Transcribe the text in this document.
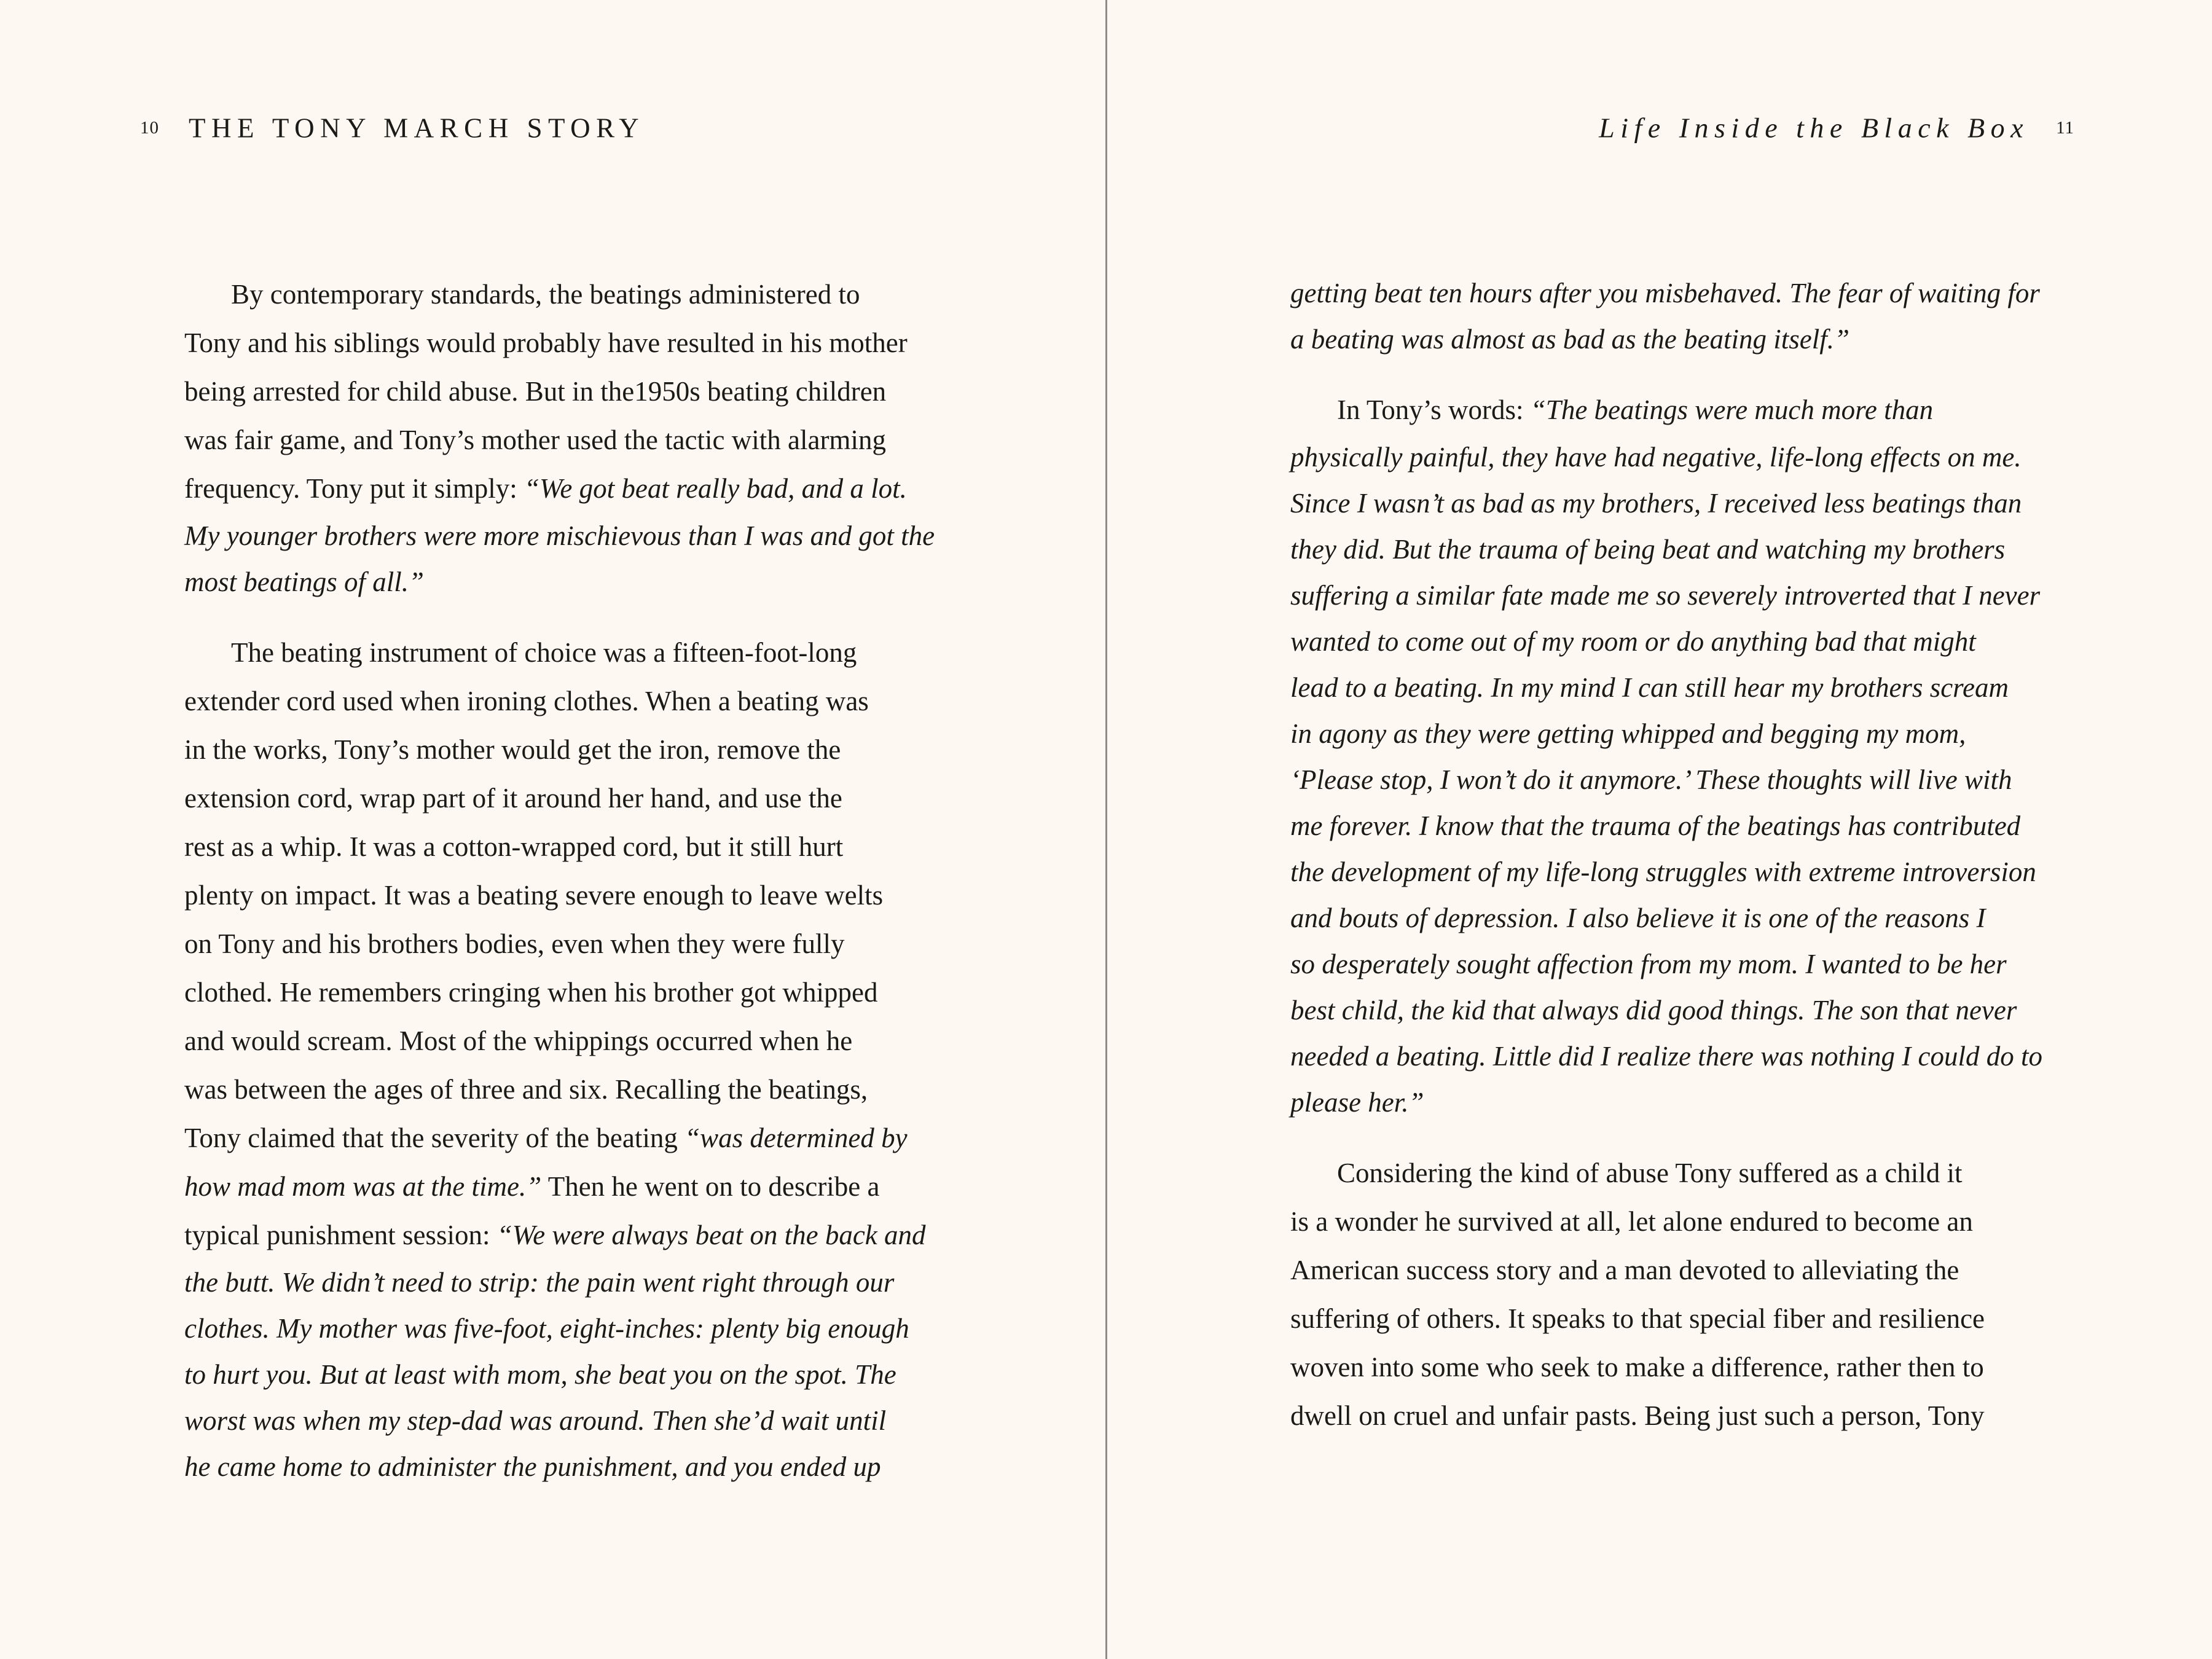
10 THE TONY MARCH STORY

By contemporary standards, the beatings administered to
Tony and his siblings would probably have resulted in his mother
being arrested for child abuse. But in the1950s beating children
was fair game, and Tony’s mother used the tactic with alarming
frequency. Tony put it simply: “We got beat really bad, and a lot.
My younger brothers were more mischievous than I was and got the
most beatings of all.”

The beating instrument of choice was a fifteen-foot-long
extender cord used when ironing clothes. When a beating was
in the works, Tony’s mother would get the iron, remove the
extension cord, wrap part of it around her hand, and use the
rest as a whip. It was a cotton-wrapped cord, but it still hurt
plenty on impact. It was a beating severe enough to leave welts
on Tony and his brothers bodies, even when they were fully
clothed. He remembers cringing when his brother got whipped
and would scream. Most of the whippings occurred when he
was between the ages of three and six. Recalling the beatings,
Tony claimed that the severity of the beating “was determined by
how mad mom was at the time.” Then he went on to describe a
typical punishment session: “We were always beat on the back and
the butt. We didn’t need to strip: the pain went right through our
clothes. My mother was five-foot, eight-inches: plenty big enough
to hurt you. But at least with mom, she beat you on the spot. The
worst was when my step-dad was around. Then she’d wait until
he came home to administer the punishment, and you ended up

Life Inside the Black Box 11

getting beat ten hours after you misbehaved. The fear of waiting for
a beating was almost as bad as the beating itself.”

In Tony’s words: “The beatings were much more than
physically painful, they have had negative, life-long effects on me.
Since I wasn’t as bad as my brothers, I received less beatings than
they did. But the trauma of being beat and watching my brothers
suffering a similar fate made me so severely introverted that I never
wanted to come out of my room or do anything bad that might
lead to a beating. In my mind I can still hear my brothers scream
in agony as they were getting whipped and begging my mom,
‘Please stop, I won’t do it anymore.’ These thoughts will live with
me forever. I know that the trauma of the beatings has contributed
the development of my life-long struggles with extreme introversion
and bouts of depression. I also believe it is one of the reasons I
so desperately sought affection from my mom. I wanted to be her
best child, the kid that always did good things. The son that never
needed a beating. Little did I realize there was nothing I could do to
please her.”

Considering the kind of abuse Tony suffered as a child it
is a wonder he survived at all, let alone endured to become an
American success story and a man devoted to alleviating the
suffering of others. It speaks to that special fiber and resilience
woven into some who seek to make a difference, rather then to
dwell on cruel and unfair pasts. Being just such a person, Tony
